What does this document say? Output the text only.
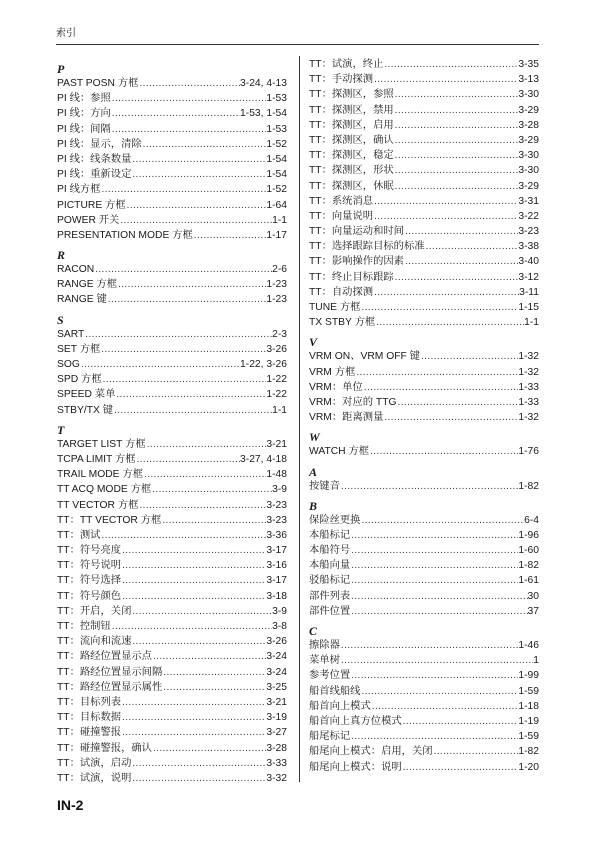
索引
P
PAST POSN 方框 .....	3-24, 4-13
PI 线：参照 .....	1-53
PI 线：方向 .....	1-53, 1-54
PI 线：间隔 .....	1-53
PI 线：显示，清除 .....	1-52
PI 线：线条数量 .....	1-54
PI 线：重新设定 .....	1-54
PI 线方框 .....	1-52
PICTURE 方框 .....	1-64
POWER 开关 .....	1-1
PRESENTATION MODE 方框 .....	1-17
R
RACON .....	2-6
RANGE 方框 .....	1-23
RANGE 键 .....	1-23
S
SART .....	2-3
SET 方框 .....	3-26
SOG .....	1-22, 3-26
SPD 方框 .....	1-22
SPEED 菜单 .....	1-22
STBY/TX 键 .....	1-1
T
TARGET LIST 方框 .....	3-21
TCPA LIMIT 方框 .....	3-27, 4-18
TRAIL MODE 方框 .....	1-48
TT ACQ MODE 方框 .....	3-9
TT VECTOR 方框 .....	3-23
TT：TT VECTOR 方框 .....	3-23
TT：测试 .....	3-36
TT：符号亮度 .....	3-17
TT：符号说明 .....	3-16
TT：符号选择 .....	3-17
TT：符号颜色 .....	3-18
TT：开启，关闭 .....	3-9
TT：控制钮 .....	3-8
TT：流向和流速 .....	3-26
TT：路经位置显示点 .....	3-24
TT：路经位置显示间隔 .....	3-24
TT：路经位置显示属性 .....	3-25
TT：目标列表 .....	3-21
TT：目标数据 .....	3-19
TT：碰撞警报 .....	3-27
TT：碰撞警报，确认 .....	3-28
TT：试演，启动 .....	3-33
TT：试演，说明 .....	3-32
TT：试演，终止 .....	3-35
TT：手动探测 .....	3-13
TT：探测区，参照 .....	3-30
TT：探测区，禁用 .....	3-29
TT：探测区，启用 .....	3-28
TT：探测区，确认 .....	3-29
TT：探测区，稳定 .....	3-30
TT：探测区，形状 .....	3-30
TT：探测区，休眠 .....	3-29
TT：系统消息 .....	3-31
TT：向量说明 .....	3-22
TT：向量运动和时间 .....	3-23
TT：选择跟踪目标的标准 .....	3-38
TT：影响操作的因素 .....	3-40
TT：终止目标跟踪 .....	3-12
TT：自动探测 .....	3-11
TUNE 方框 .....	1-15
TX STBY 方框 .....	1-1
V
VRM ON、VRM OFF 键 .....	1-32
VRM 方框 .....	1-32
VRM：单位 .....	1-33
VRM：对应的 TTG .....	1-33
VRM：距离测量 .....	1-32
W
WATCH 方框 .....	1-76
A
按键音 .....	1-82
B
保险丝更换 .....	6-4
本船标记 .....	1-96
本船符号 .....	1-60
本船向量 .....	1-82
驳船标记 .....	1-61
部件列表 .....	30
部件位置 .....	37
C
擦除器 .....	1-46
菜单树 .....	1
参考位置 .....	1-99
船首线船线 .....	1-59
船首向上模式 .....	1-18
船首向上真方位模式 .....	1-19
船尾标记 .....	1-59
船尾向上模式：启用，关闭 .....	1-82
船尾向上模式：说明 .....	1-20
IN-2
